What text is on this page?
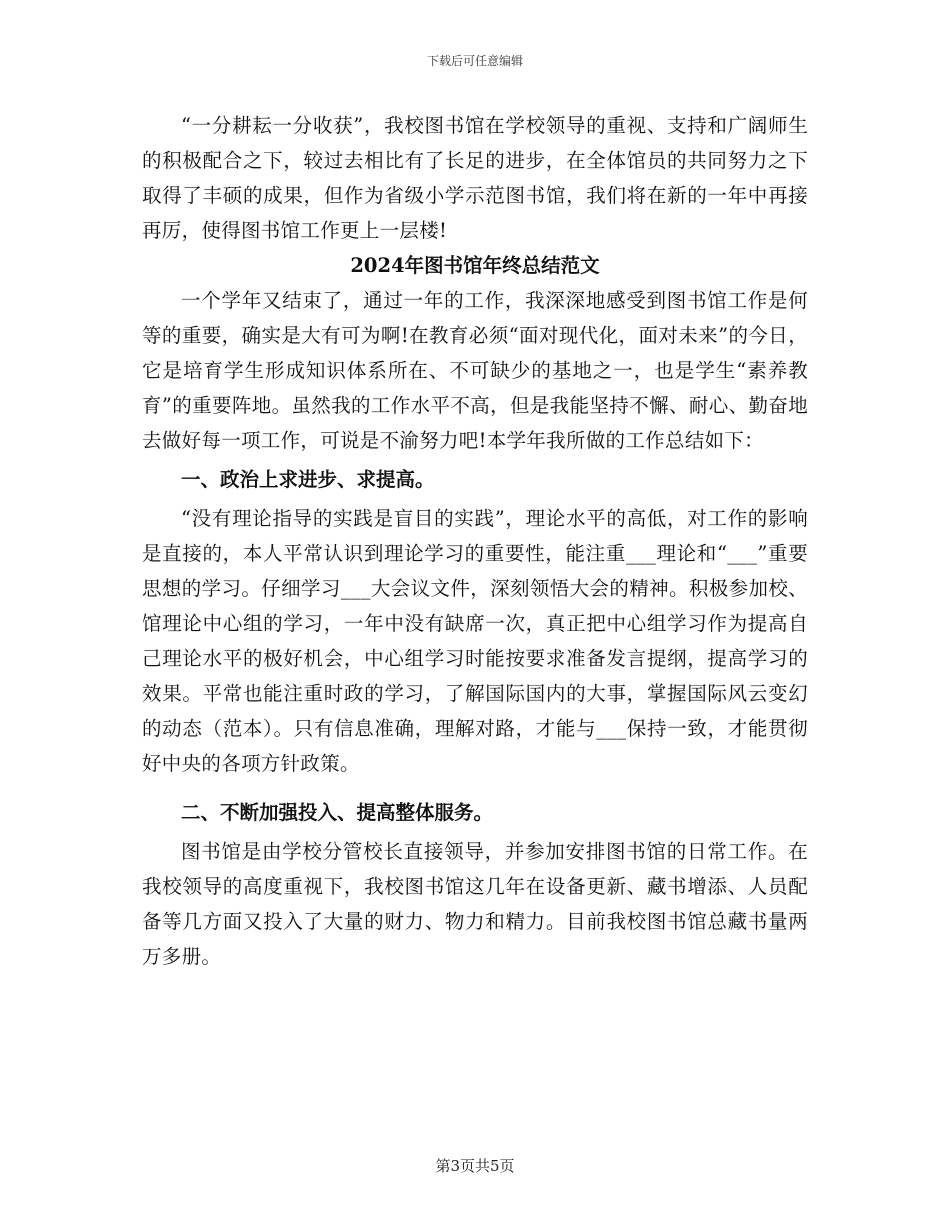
下载后可任意编辑

“一分耕耘一分收获”，我校图书馆在学校领导的重视、支持和广阔师生的积极配合之下，较过去相比有了长足的进步，在全体馆员的共同努力之下取得了丰硕的成果，但作为省级小学示范图书馆，我们将在新的一年中再接再厉，使得图书馆工作更上一层楼!

2024年图书馆年终总结范文

一个学年又结束了，通过一年的工作，我深深地感受到图书馆工作是何等的重要，确实是大有可为啊!在教育必须“面对现代化，面对未来”的今日，它是培育学生形成知识体系所在、不可缺少的基地之一，也是学生“素养教育”的重要阵地。虽然我的工作水平不高，但是我能坚持不懈、耐心、勤奋地去做好每一项工作，可说是不渝努力吧!本学年我所做的工作总结如下：

一、政治上求进步、求提高。

“没有理论指导的实践是盲目的实践”，理论水平的高低，对工作的影响是直接的，本人平常认识到理论学习的重要性，能注重___理论和“___”重要思想的学习。仔细学习___大会议文件，深刻领悟大会的精神。积极参加校、馆理论中心组的学习，一年中没有缺席一次，真正把中心组学习作为提高自己理论水平的极好机会，中心组学习时能按要求准备发言提纲，提高学习的效果。平常也能注重时政的学习，了解国际国内的大事，掌握国际风云变幻的动态（范本）。只有信息准确，理解对路，才能与___保持一致，才能贯彻好中央的各项方针政策。

二、不断加强投入、提高整体服务。

图书馆是由学校分管校长直接领导，并参加安排图书馆的日常工作。在我校领导的高度重视下，我校图书馆这几年在设备更新、藏书增添、人员配备等几方面又投入了大量的财力、物力和精力。目前我校图书馆总藏书量两万多册。

第3页共5页
